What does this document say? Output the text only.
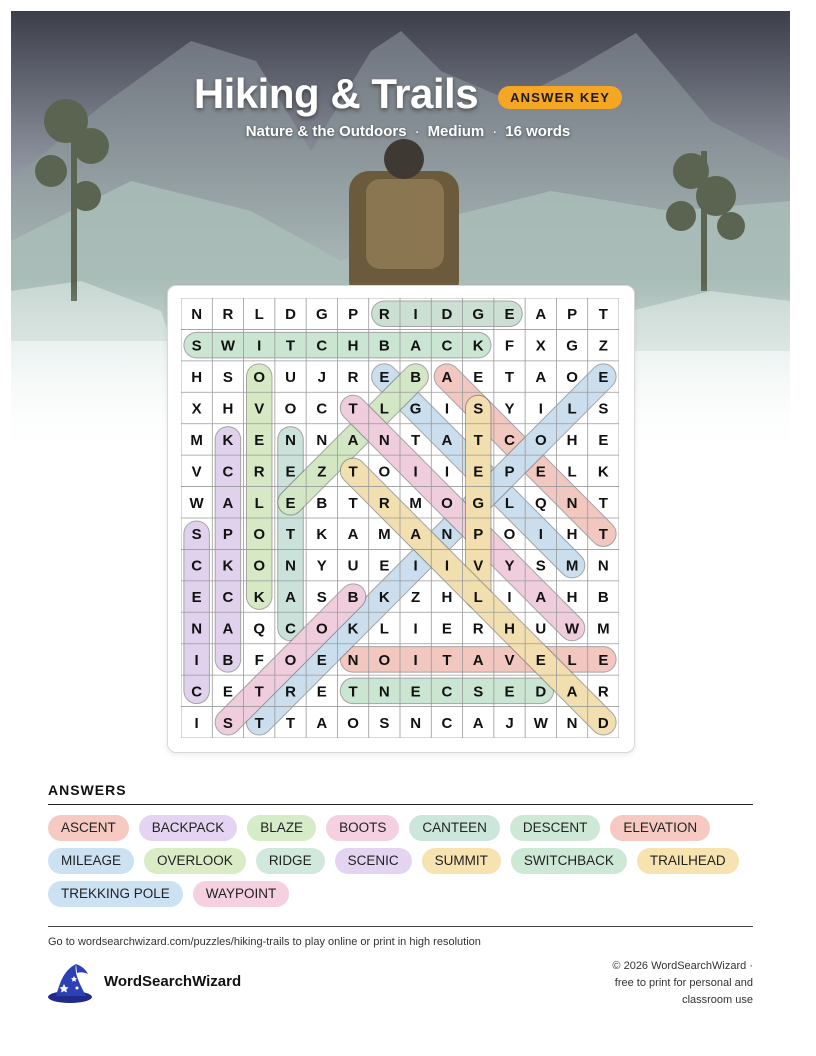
Hiking & Trails ANSWER KEY
Nature & the Outdoors · Medium · 16 words
N R L D G P R I D G E A P T
S W I T C H B A C K F X G Z
H S O U J R E B A E T A O E
X H V O C T L G I S Y I L S
M K E N N A N T A T C O H E
V C R E Z T O I I E P E L K
W A L E B T R M O G L Q N T
S P O T K A M A N P O I H T
C K O N Y U E I I V Y S M N
E C K A S B K Z H L I A H B
N A Q C O K L I E R H U W M
I B F O E N O I T A V E L E
C E T R E T N E C S E D A R
I S T T A O S N C A J W N D
ANSWERS
ASCENT	BACKPACK	BLAZE	BOOTS	CANTEEN	DESCENT	ELEVATIONMILEAGE	OVERLOOK	RIDGE	SCENIC	SUMMIT	SWITCHBACK	TRAILHEADTREKKING POLE	WAYPOINT
Go to wordsearchwizard.com/puzzles/hiking-trails to play online or print in high resolution
WordSearchWizard
© 2026 WordSearchWizard ·
free to print for personal and
classroom use
